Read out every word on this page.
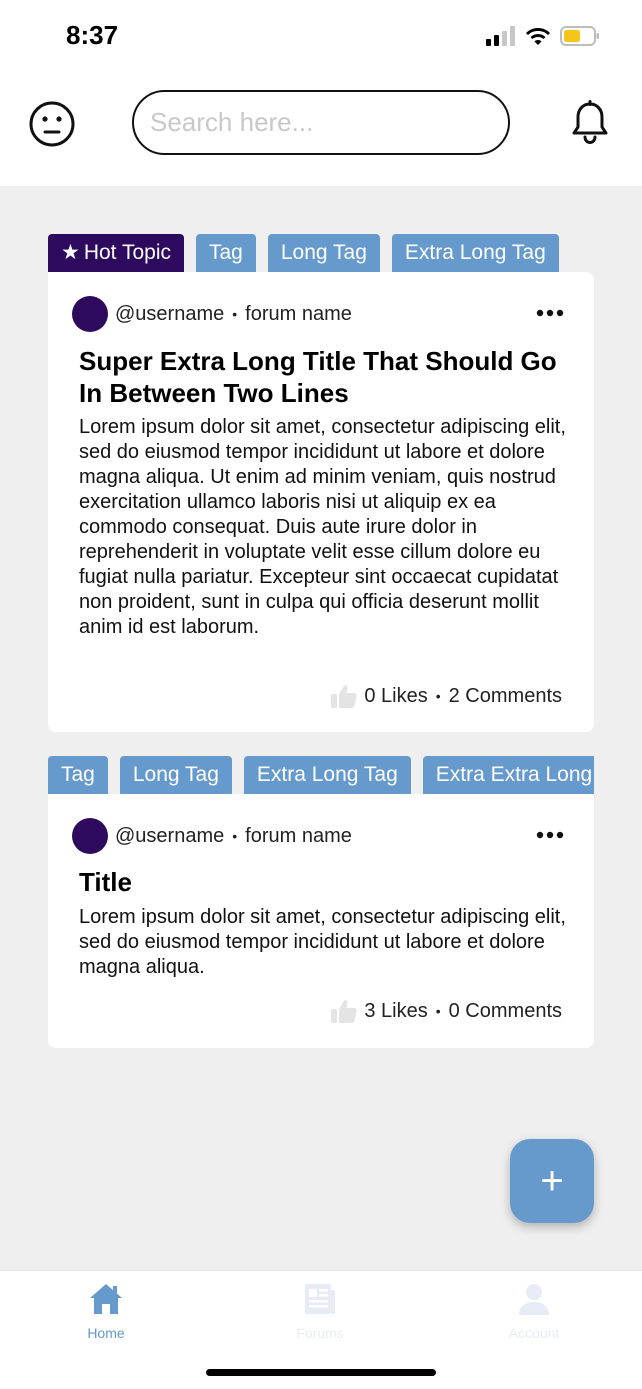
8:37
Search here...
★ Hot Topic	Tag	Long Tag	Extra Long Tag
@username • forum name
Super Extra Long Title That Should Go In Between Two Lines
Lorem ipsum dolor sit amet, consectetur adipiscing elit, sed do eiusmod tempor incididunt ut labore et dolore magna aliqua. Ut enim ad minim veniam, quis nostrud exercitation ullamco laboris nisi ut aliquip ex ea commodo consequat. Duis aute irure dolor in reprehenderit in voluptate velit esse cillum dolore eu fugiat nulla pariatur. Excepteur sint occaecat cupidatat non proident, sunt in culpa qui officia deserunt mollit anim id est laborum.
0 Likes • 2 Comments
Tag	Long Tag	Extra Long Tag	Extra Extra Long
@username • forum name
Title
Lorem ipsum dolor sit amet, consectetur adipiscing elit, sed do eiusmod tempor incididunt ut labore et dolore magna aliqua.
3 Likes • 0 Comments
+
Home	Forums	Account
